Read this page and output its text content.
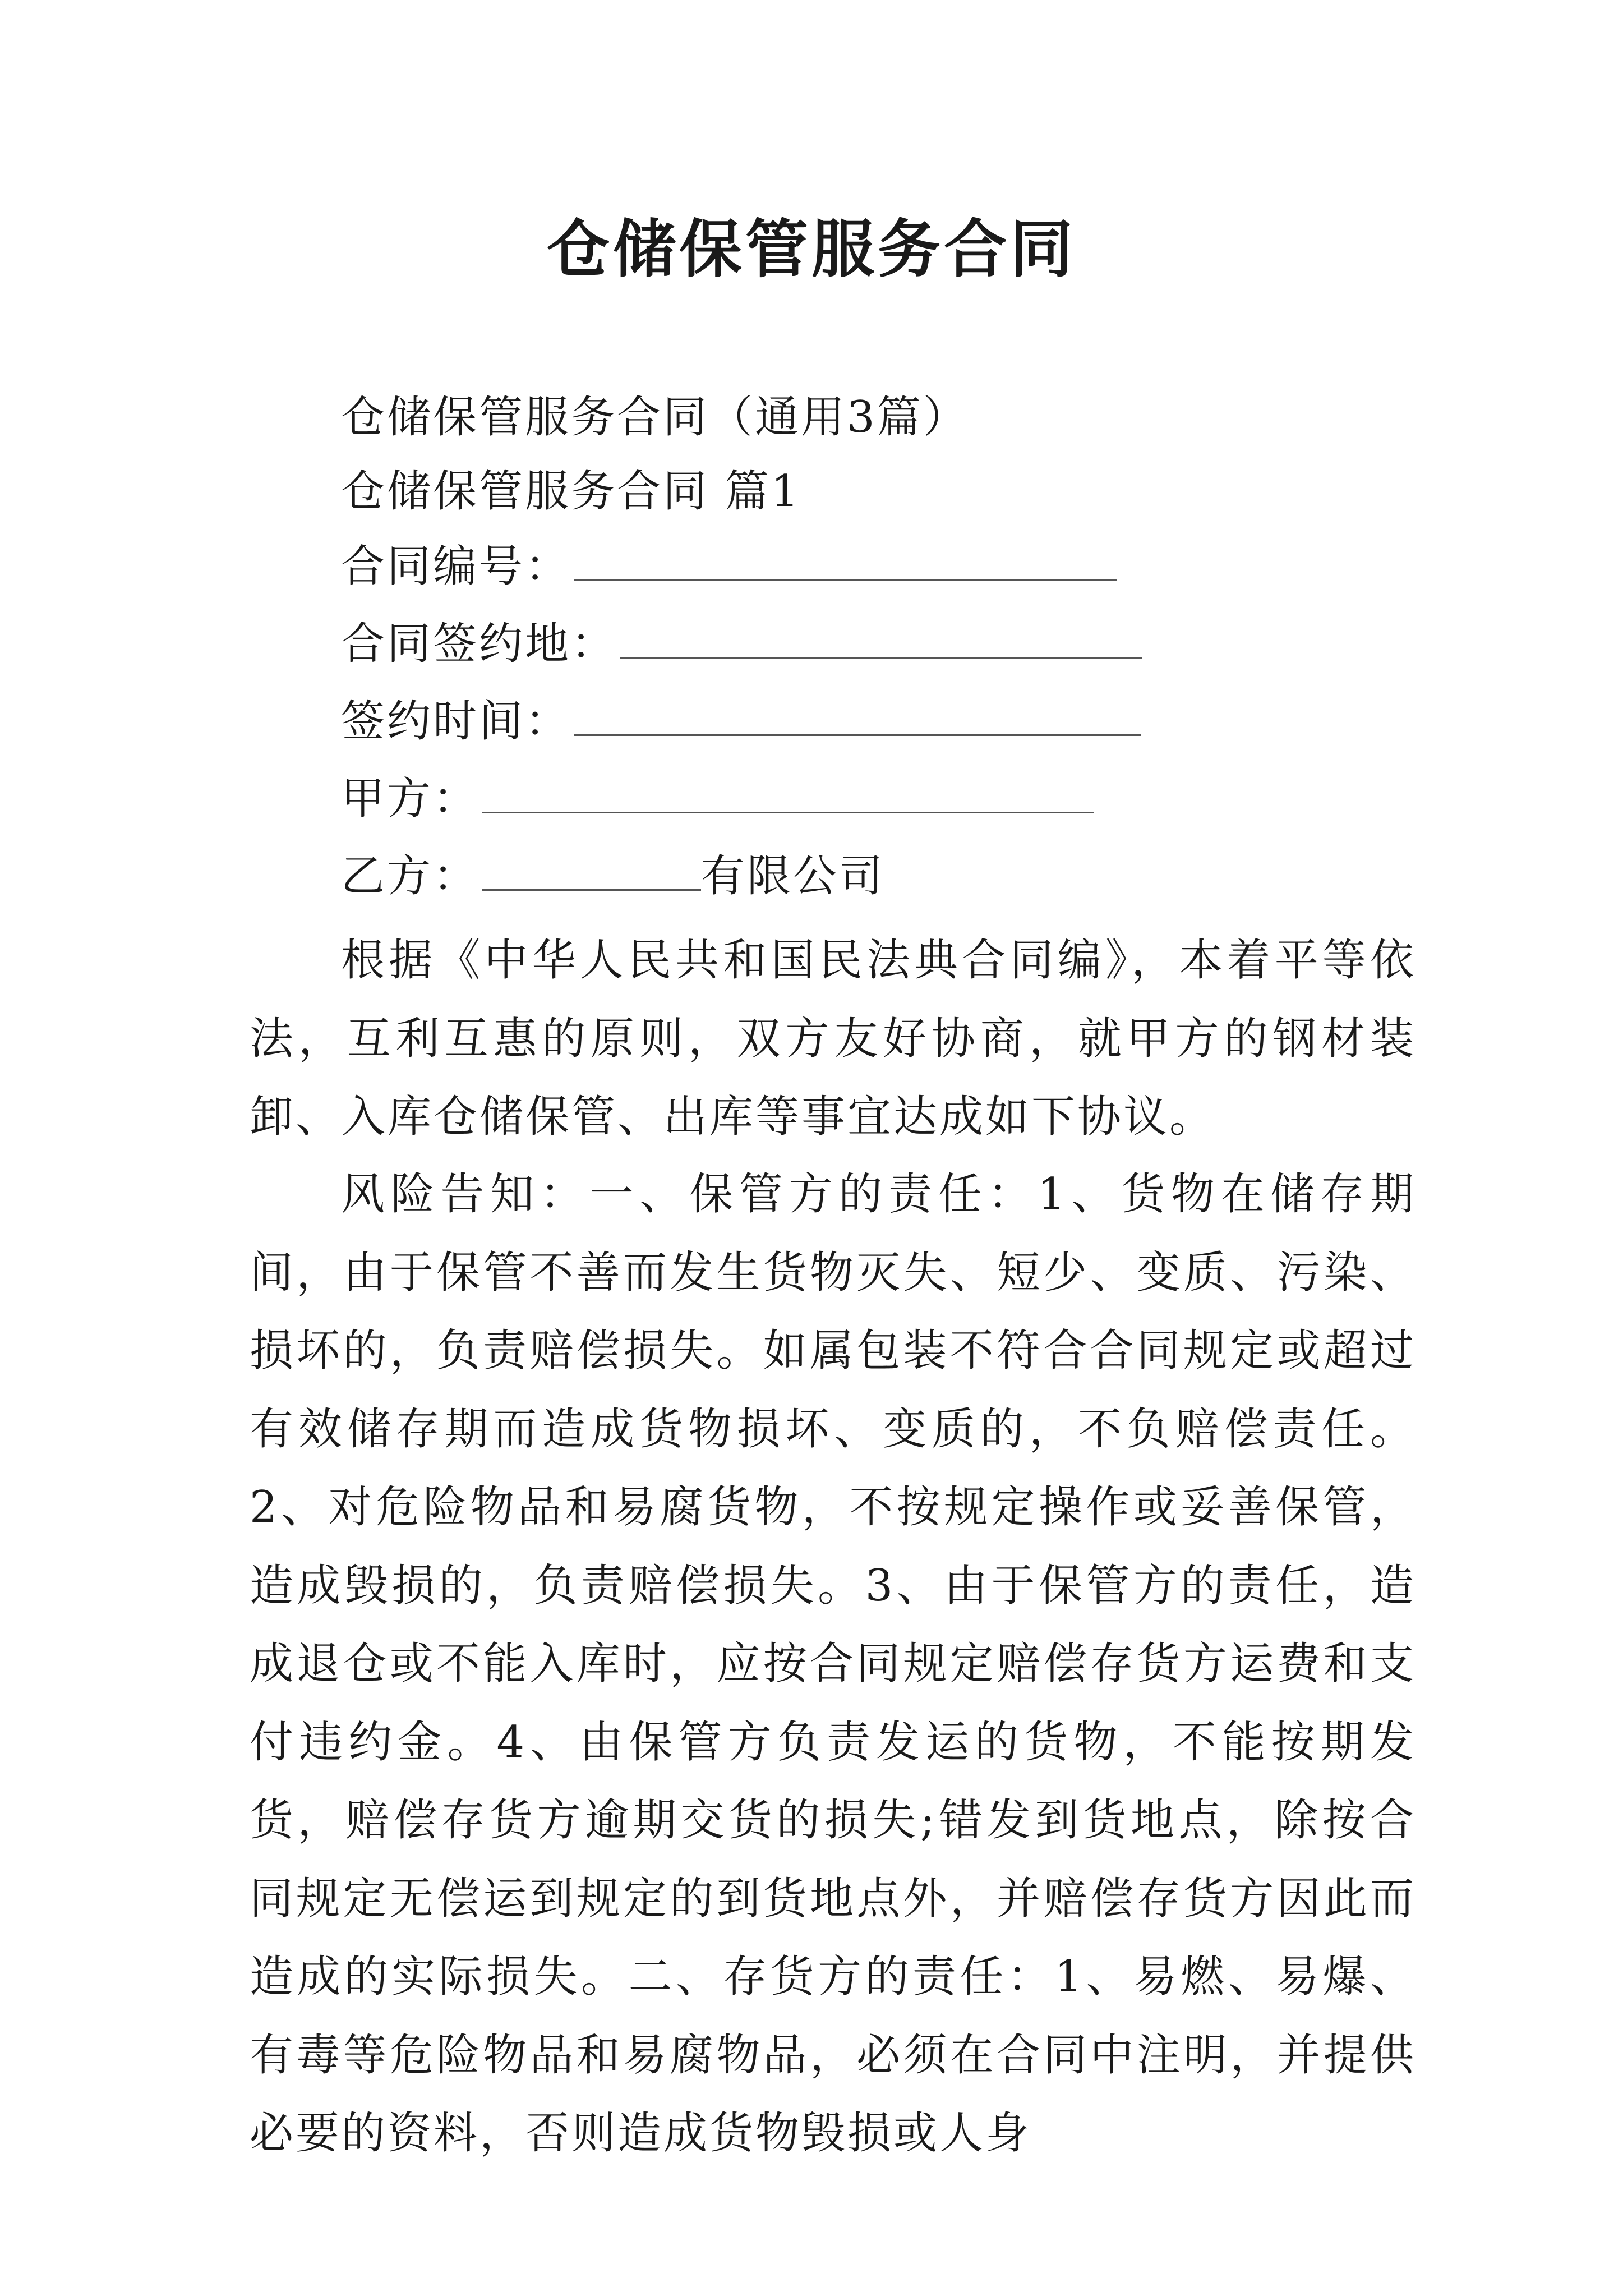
仓储保管服务合同
仓储保管服务合同（通用3篇）
仓储保管服务合同 篇1
合同编号：
合同签约地：
签约时间：
甲方：
乙方：	有限公司
根据《中华人民共和国民法典合同编》，本着平等依法，互利互惠的原则，双方友好协商，就甲方的钢材装卸、入库仓储保管、出库等事宜达成如下协议。
风险告知：一、保管方的责任：1、货物在储存期间，由于保管不善而发生货物灭失、短少、变质、污染、损坏的，负责赔偿损失。如属包装不符合合同规定或超过有效储存期而造成货物损坏、变质的，不负赔偿责任。2、对危险物品和易腐货物，不按规定操作或妥善保管，造成毁损的，负责赔偿损失。3、由于保管方的责任，造成退仓或不能入库时，应按合同规定赔偿存货方运费和支付违约金。4、由保管方负责发运的货物，不能按期发货，赔偿存货方逾期交货的损失;错发到货地点，除按合同规定无偿运到规定的到货地点外，并赔偿存货方因此而造成的实际损失。二、存货方的责任：1、易燃、易爆、有毒等危险物品和易腐物品，必须在合同中注明，并提供必要的资料，否则造成货物毁损或人身
